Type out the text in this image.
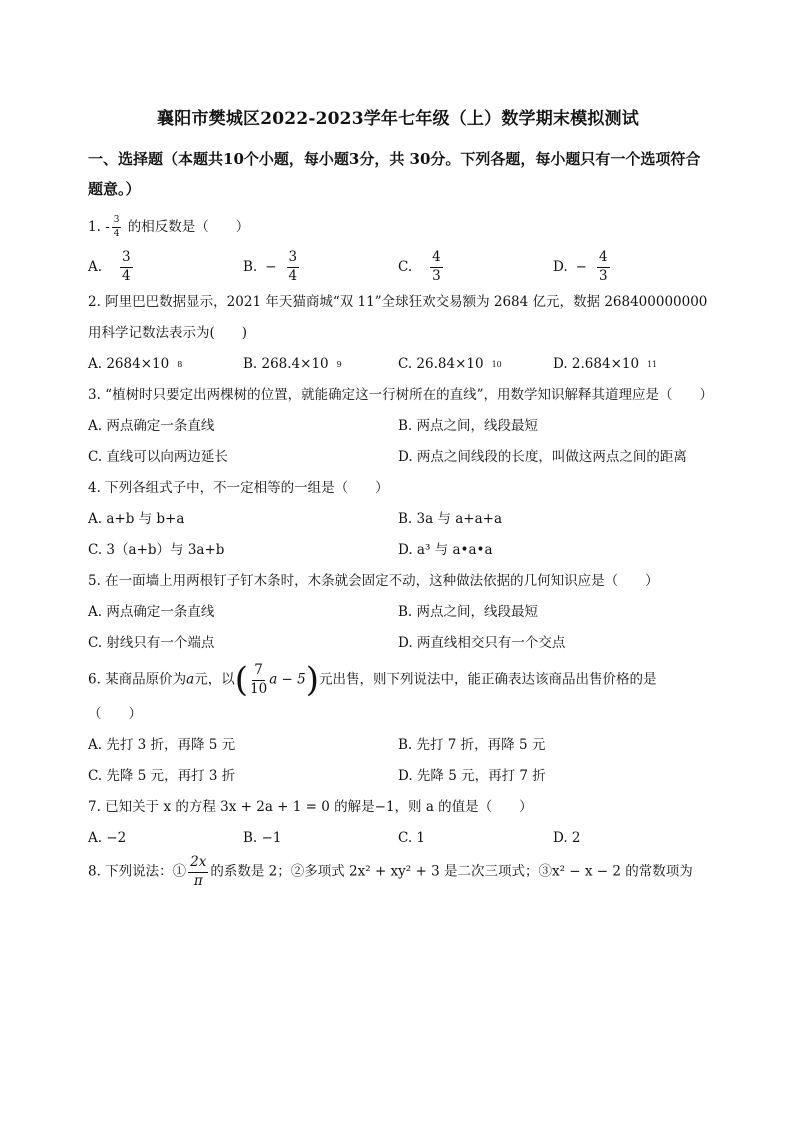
襄阳市樊城区2022-2023学年七年级（上）数学期末模拟测试
一、选择题（本题共10个小题，每小题3分，共 30分。下列各题，每小题只有一个选项符合题意。）
1. - $\frac{3}{4}$ 的相反数是（　　）
A. $\frac{3}{4}$	B. − $\frac{3}{4}$	C. $\frac{4}{3}$	D. − $\frac{4}{3}$
2. 阿里巴巴数据显示，2021 年天猫商城“双 11”全球狂欢交易额为 2684 亿元，数据 268400000000 用科学记数法表示为(　　)
A. 2684×10 8	B. 268.4×10 9	C. 26.84×10 10	D. 2.684×10 11
3. “植树时只要定出两棵树的位置，就能确定这一行树所在的直线”，用数学知识解释其道理应是（　　）
A. 两点确定一条直线	B. 两点之间，线段最短
C. 直线可以向两边延长	D. 两点之间线段的长度，叫做这两点之间的距离
4. 下列各组式子中，不一定相等的一组是（　　）
A. a+b 与 b+a	B. 3a 与 a+a+a
C. 3（a+b）与 3a+b	D. a³ 与 a•a•a
5. 在一面墙上用两根钉子钉木条时，木条就会固定不动，这种做法依据的几何知识应是（　　）
A. 两点确定一条直线	B. 两点之间，线段最短
C. 射线只有一个端点	D. 两直线相交只有一个交点
6. 某商品原价为a元，以( $\frac{7}{10}$ a − 5)元出售，则下列说法中，能正确表达该商品出售价格的是
（　　）
A. 先打 3 折，再降 5 元	B. 先打 7 折，再降 5 元
C. 先降 5 元，再打 3 折	D. 先降 5 元，再打 7 折
7. 已知关于 x 的方程 3x + 2a + 1 = 0 的解是−1，则 a 的值是（　　）
A. −2	B. −1	C. 1	D. 2
8. 下列说法：① $\frac{2x}{\pi}$ 的系数是 2；②多项式 2x² + xy² + 3 是二次三项式；③x² − x − 2 的常数项为
